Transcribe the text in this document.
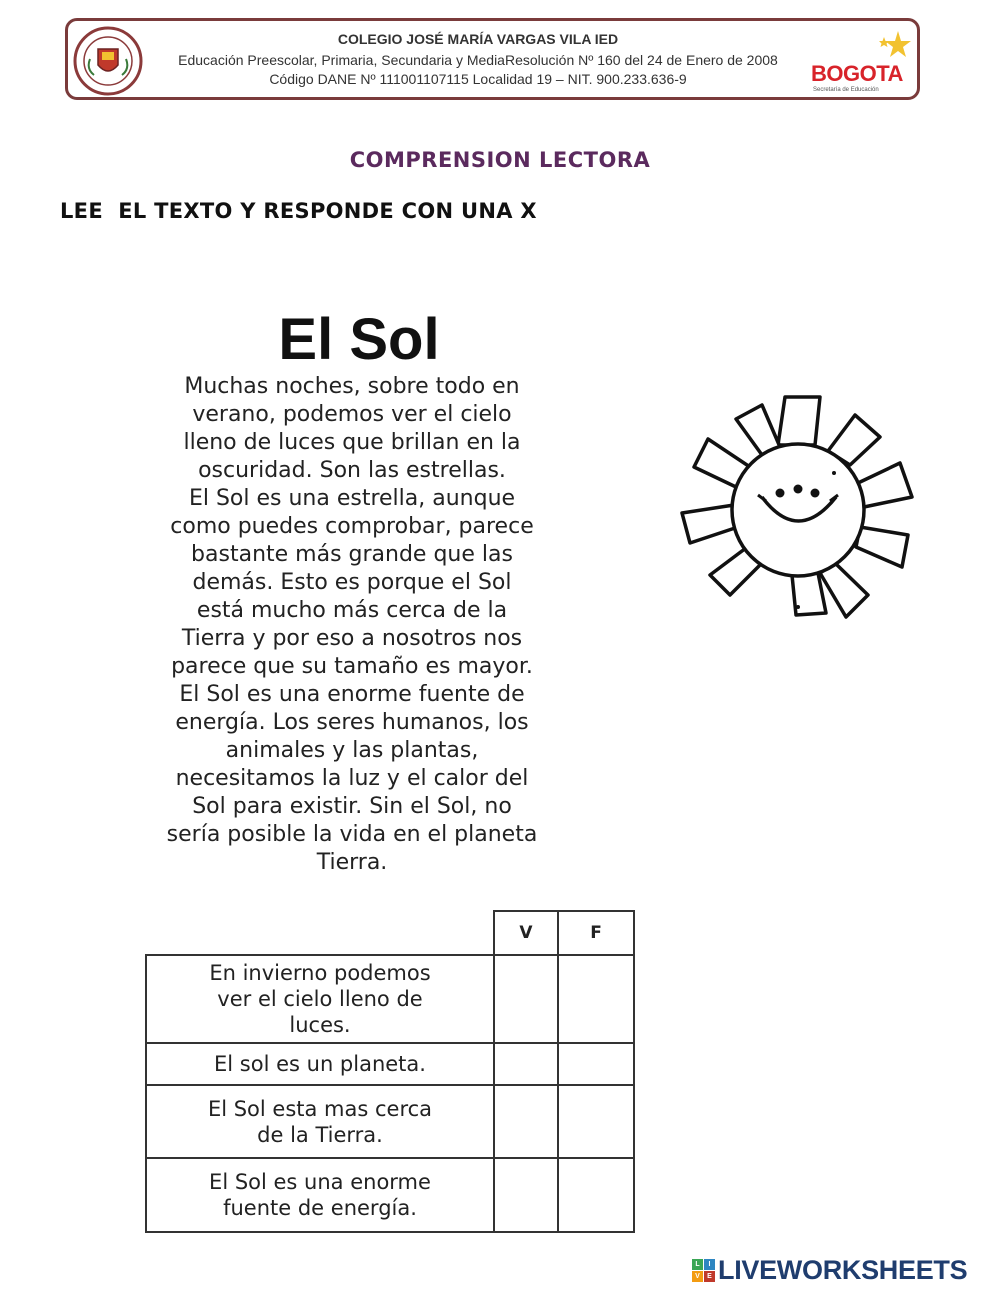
COLEGIO JOSÉ MARÍA VARGAS VILA IED
Educación Preescolar, Primaria, Secundaria y MediaResolución Nº 160 del 24 de Enero de 2008
Código DANE Nº 111001107115 Localidad 19 – NIT. 900.233.636-9	BOGOTA
Secretaría de Educación
COMPRENSION LECTORA
LEE  EL TEXTO Y RESPONDE CON UNA X
El Sol
Muchas noches, sobre todo en
verano, podemos ver el cielo
lleno de luces que brillan en la
oscuridad. Son las estrellas.
El Sol es una estrella, aunque
como puedes comprobar, parece
bastante más grande que las
demás. Esto es porque el Sol
está mucho más cerca de la
Tierra y por eso a nosotros nos
parece que su tamaño es mayor.
El Sol es una enorme fuente de
energía. Los seres humanos, los
animales y las plantas,
necesitamos la luz y el calor del
Sol para existir. Sin el Sol, no
sería posible la vida en el planeta
Tierra.
	V	F

En invierno podemos
ver el cielo lleno de
luces.		

El sol es un planeta.		

El Sol esta mas cerca
de la Tierra.		

El Sol es una enorme
fuente de energía.		

L	I
V	E LIVEWORKSHEETS
